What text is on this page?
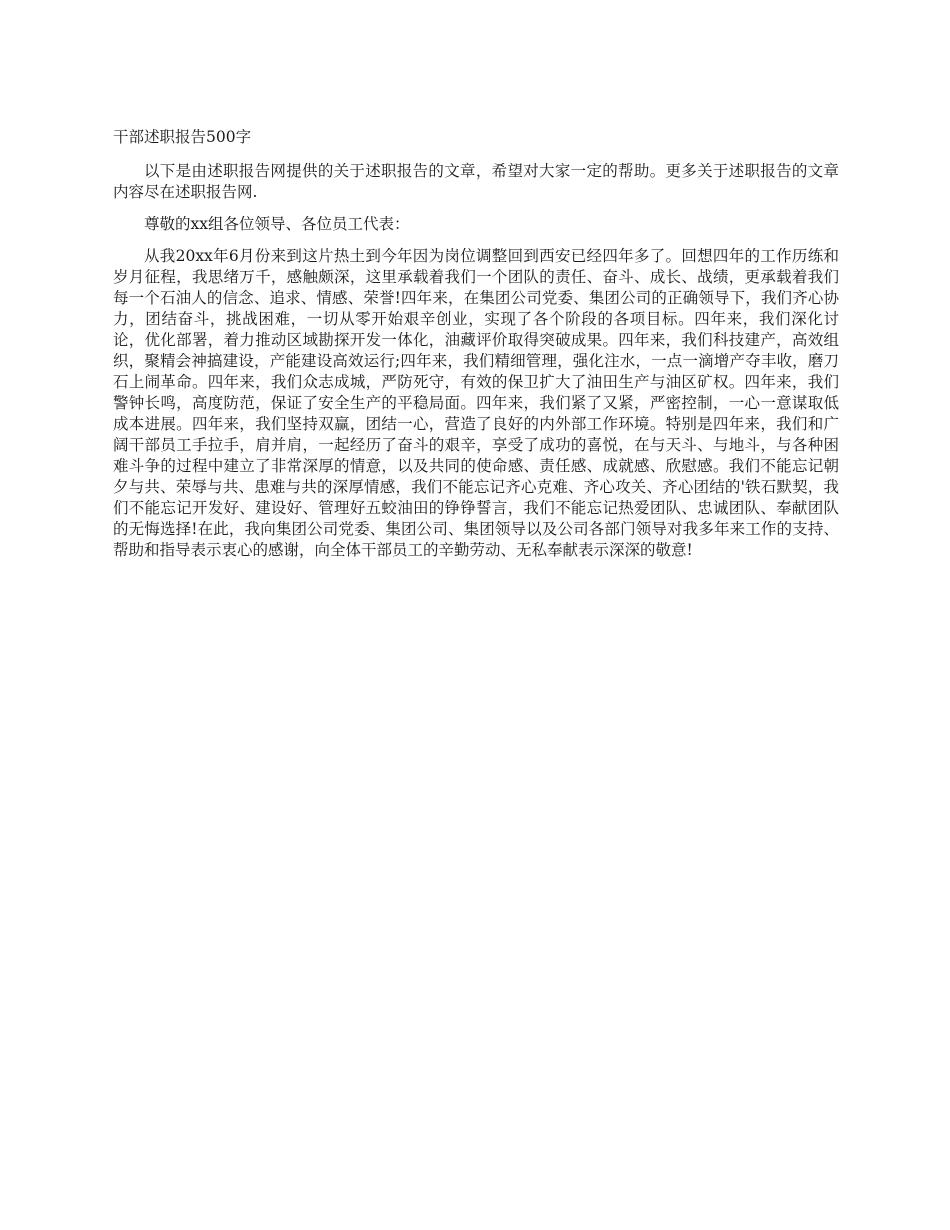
干部述职报告500字

以下是由述职报告网提供的关于述职报告的文章，希望对大家一定的帮助。更多关于述职报告的文章内容尽在述职报告网.

尊敬的xx组各位领导、各位员工代表：

从我20xx年6月份来到这片热土到今年因为岗位调整回到西安已经四年多了。回想四年的工作历练和岁月征程，我思绪万千，感触颇深，这里承载着我们一个团队的责任、奋斗、成长、战绩，更承载着我们每一个石油人的信念、追求、情感、荣誉!四年来，在集团公司党委、集团公司的正确领导下，我们齐心协力，团结奋斗，挑战困难，一切从零开始艰辛创业，实现了各个阶段的各项目标。四年来，我们深化讨论，优化部署，着力推动区域勘探开发一体化，油藏评价取得突破成果。四年来，我们科技建产，高效组织，聚精会神搞建设，产能建设高效运行;四年来，我们精细管理，强化注水，一点一滴增产夺丰收，磨刀石上闹革命。四年来，我们众志成城，严防死守，有效的保卫扩大了油田生产与油区矿权。四年来，我们警钟长鸣，高度防范，保证了安全生产的平稳局面。四年来，我们紧了又紧，严密控制，一心一意谋取低成本进展。四年来，我们坚持双赢，团结一心，营造了良好的内外部工作环境。特别是四年来，我们和广阔干部员工手拉手，肩并肩，一起经历了奋斗的艰辛，享受了成功的喜悦，在与天斗、与地斗，与各种困难斗争的过程中建立了非常深厚的情意，以及共同的使命感、责任感、成就感、欣慰感。我们不能忘记朝夕与共、荣辱与共、患难与共的深厚情感，我们不能忘记齐心克难、齐心攻关、齐心团结的'铁石默契，我们不能忘记开发好、建设好、管理好五蛟油田的铮铮誓言，我们不能忘记热爱团队、忠诚团队、奉献团队的无悔选择!在此，我向集团公司党委、集团公司、集团领导以及公司各部门领导对我多年来工作的支持、帮助和指导表示衷心的感谢，向全体干部员工的辛勤劳动、无私奉献表示深深的敬意!
